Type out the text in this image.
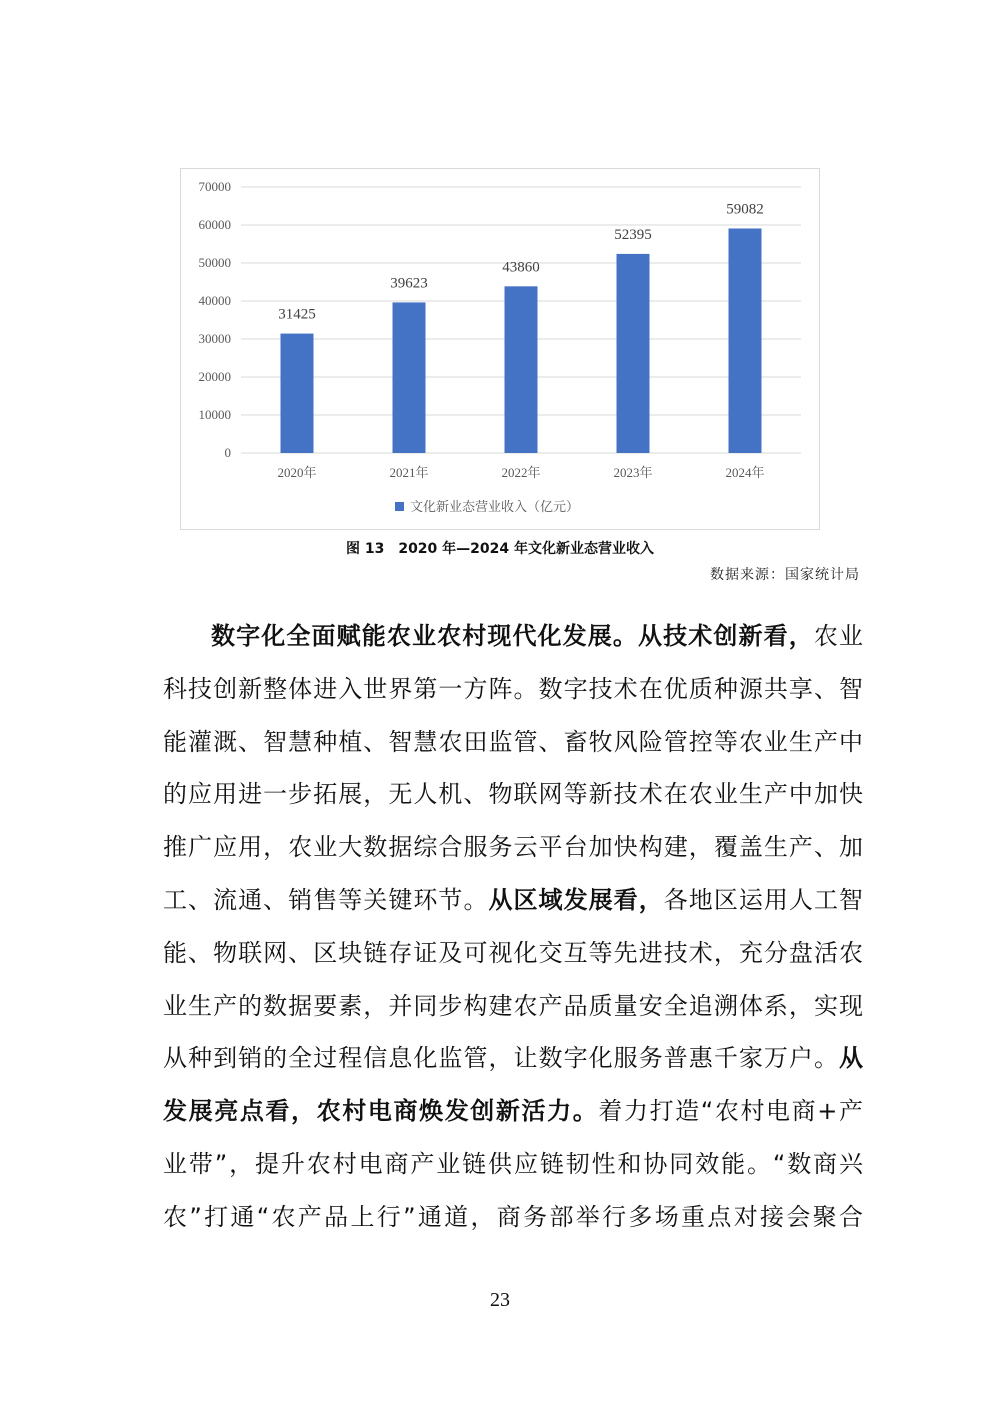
0
10000
20000
30000
40000
50000
60000
70000
31425
2020年
39623
2021年
43860
2022年
52395
2023年
59082
2024年
文化新业态营业收入（亿元）
图 13　2020 年—2024 年文化新业态营业收入
数据来源：国家统计局
数字化全面赋能农业农村现代化发展。从技术创新看，农业
科技创新整体进入世界第一方阵。数字技术在优质种源共享、智
能灌溉、智慧种植、智慧农田监管、畜牧风险管控等农业生产中
的应用进一步拓展，无人机、物联网等新技术在农业生产中加快
推广应用，农业大数据综合服务云平台加快构建，覆盖生产、加
工、流通、销售等关键环节。从区域发展看，各地区运用人工智
能、物联网、区块链存证及可视化交互等先进技术，充分盘活农
业生产的数据要素，并同步构建农产品质量安全追溯体系，实现
从种到销的全过程信息化监管，让数字化服务普惠千家万户。从
发展亮点看，农村电商焕发创新活力。着力打造“农村电商+产
业带”，提升农村电商产业链供应链韧性和协同效能。“数商兴
农”打通“农产品上行”通道，商务部举行多场重点对接会聚合
23
